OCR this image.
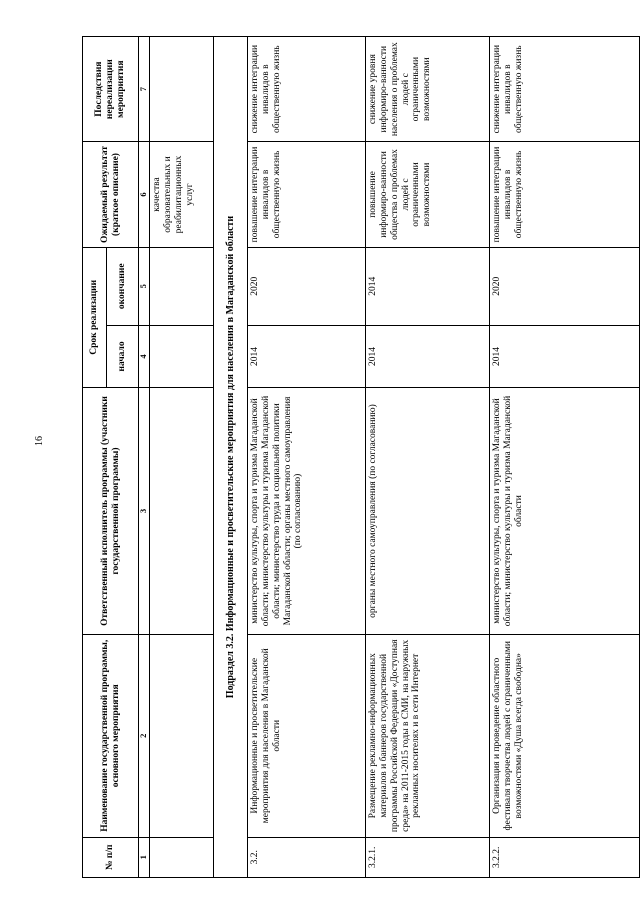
16
№ п/п	Наименование государственной программы, основного мероприятия	Ответственный исполнитель программы (участники государственной программы)	Срок реализации		Ожидаемый результат (краткое описание)	Последствия нереализации мероприятия
			начало	окончание		
1	2	3	4	5	6	7
					качества образовательных и реабилитационных услуг	
Подраздел 3.2. Информационные и просветительские мероприятия для населения в Магаданской области						
3.2.	Информационные и просветительские мероприятия для населения в Магаданской области	министерство культуры, спорта и туризма Магаданской области; министерство культуры и туризма Магаданской области; министерство труда и социальной политики Магаданской области; органы местного самоуправления (по согласованию)	2014	2020	повышение интеграции инвалидов в общественную жизнь	снижение интеграции инвалидов в общественную жизнь
3.2.1.	Размещение рекламно-информационных материалов и баннеров государственной программы Российской Федерации «Доступная среда» на 2011-2015 годы в СМИ, на наружных рекламных носителях и в сети Интернет	органы местного самоуправления (по согласованию)	2014	2014	повышение информиро-ванности общества о проблемах людей с ограниченными возможностями	снижение уровня информиро-ванности населения о проблемах людей с ограниченными возможностями
3.2.2.	Организация и проведение областного фестиваля творчества людей с ограниченными возможностями «Душа всегда свободна»	министерство культуры, спорта и туризма Магаданской области; министерство культуры и туризма Магаданской области	2014	2020	повышение интеграции инвалидов в общественную жизнь	снижение интеграции инвалидов в общественную жизнь
